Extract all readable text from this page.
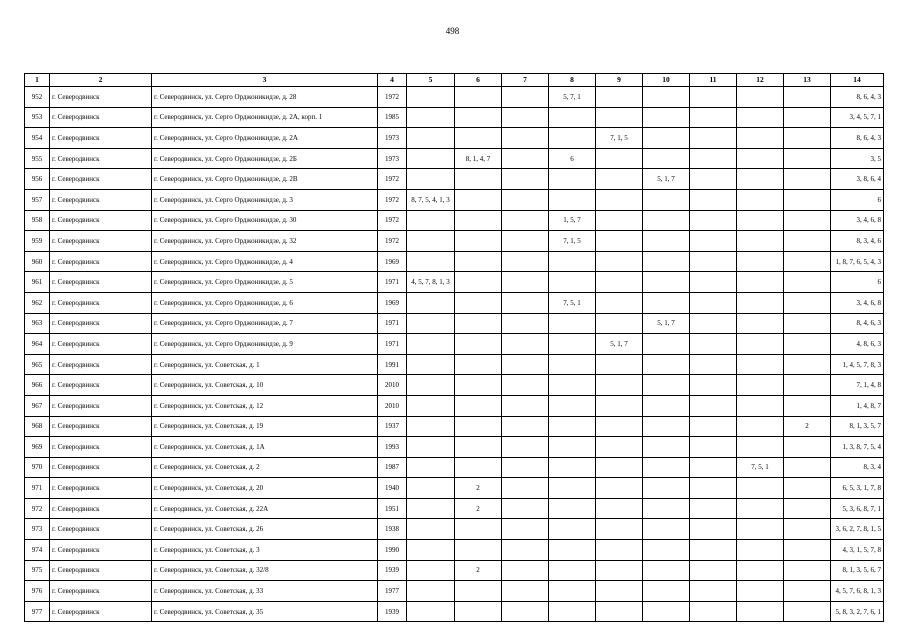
498
1	2	3	4	5	6	7	8	9	10	11	12	13	14
952	г. Северодвинск	г. Северодвинск, ул. Серго Орджоникидзе, д. 28	1972				5, 7, 1						8, 6, 4, 3
953	г. Северодвинск	г. Северодвинск, ул. Серго Орджоникидзе, д. 2А, корп. 1	1985										3, 4, 5, 7, 1
954	г. Северодвинск	г. Северодвинск, ул. Серго Орджоникидзе, д. 2А	1973					7, 1, 5					8, 6, 4, 3
955	г. Северодвинск	г. Северодвинск, ул. Серго Орджоникидзе, д. 2Б	1973		8, 1, 4, 7		6						3, 5
956	г. Северодвинск	г. Северодвинск, ул. Серго Орджоникидзе, д. 2В	1972						5, 1, 7				3, 8, 6, 4
957	г. Северодвинск	г. Северодвинск, ул. Серго Орджоникидзе, д. 3	1972	8, 7, 5, 4, 1, 3									6
958	г. Северодвинск	г. Северодвинск, ул. Серго Орджоникидзе, д. 30	1972				1, 5, 7						3, 4, 6, 8
959	г. Северодвинск	г. Северодвинск, ул. Серго Орджоникидзе, д. 32	1972				7, 1, 5						8, 3, 4, 6
960	г. Северодвинск	г. Северодвинск, ул. Серго Орджоникидзе, д. 4	1969										1, 8, 7, 6, 5, 4, 3
961	г. Северодвинск	г. Северодвинск, ул. Серго Орджоникидзе, д. 5	1971	4, 5, 7, 8, 1, 3									6
962	г. Северодвинск	г. Северодвинск, ул. Серго Орджоникидзе, д. 6	1969				7, 5, 1						3, 4, 6, 8
963	г. Северодвинск	г. Северодвинск, ул. Серго Орджоникидзе, д. 7	1971						5, 1, 7				8, 4, 6, 3
964	г. Северодвинск	г. Северодвинск, ул. Серго Орджоникидзе, д. 9	1971					5, 1, 7					4, 8, 6, 3
965	г. Северодвинск	г. Северодвинск, ул. Советская, д. 1	1991										1, 4, 5, 7, 8, 3
966	г. Северодвинск	г. Северодвинск, ул. Советская, д. 10	2010										7, 1, 4, 8
967	г. Северодвинск	г. Северодвинск, ул. Советская, д. 12	2010										1, 4, 8, 7
968	г. Северодвинск	г. Северодвинск, ул. Советская, д. 19	1937									2	8, 1, 3, 5, 7
969	г. Северодвинск	г. Северодвинск, ул. Советская, д. 1А	1993										1, 3, 8, 7, 5, 4
970	г. Северодвинск	г. Северодвинск, ул. Советская, д. 2	1987								7, 5, 1		8, 3, 4
971	г. Северодвинск	г. Северодвинск, ул. Советская, д. 20	1940		2								6, 5, 3, 1, 7, 8
972	г. Северодвинск	г. Северодвинск, ул. Советская, д. 22А	1951		2								5, 3, 6, 8, 7, 1
973	г. Северодвинск	г. Северодвинск, ул. Советская, д. 26	1938										3, 6, 2, 7, 8, 1, 5
974	г. Северодвинск	г. Северодвинск, ул. Советская, д. 3	1990										4, 3, 1, 5, 7, 8
975	г. Северодвинск	г. Северодвинск, ул. Советская, д. 32/8	1939		2								8, 1, 3, 5, 6, 7
976	г. Северодвинск	г. Северодвинск, ул. Советская, д. 33	1977										4, 5, 7, 6, 8, 1, 3
977	г. Северодвинск	г. Северодвинск, ул. Советская, д. 35	1939										5, 8, 3, 2, 7, 6, 1
